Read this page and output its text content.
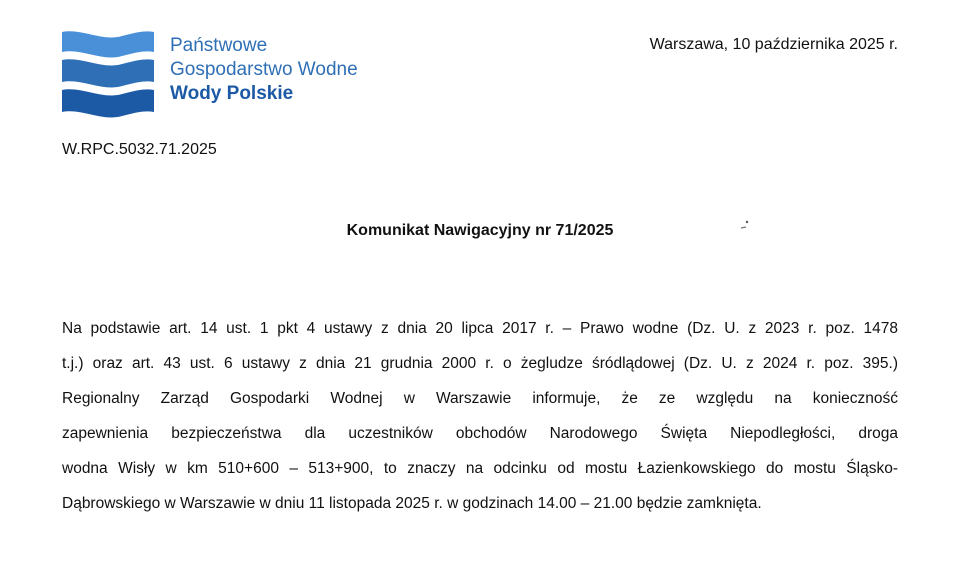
Państwowe
Gospodarstwo Wodne
Wody Polskie
Warszawa, 10 października 2025 r.
W.RPC.5032.71.2025
Komunikat Nawigacyjny nr 71/2025
Na podstawie art. 14 ust. 1 pkt 4 ustawy z dnia 20 lipca 2017 r. – Prawo wodne (Dz. U. z 2023 r. poz. 1478
t.j.) oraz art. 43 ust. 6 ustawy z dnia 21 grudnia 2000 r. o żegludze śródlądowej (Dz. U. z 2024 r. poz. 395.)
Regionalny Zarząd Gospodarki Wodnej w Warszawie informuje, że ze względu na konieczność
zapewnienia bezpieczeństwa dla uczestników obchodów Narodowego Święta Niepodległości, droga
wodna Wisły w km 510+600 – 513+900, to znaczy na odcinku od mostu Łazienkowskiego do mostu Śląsko-
Dąbrowskiego w Warszawie w dniu 11 listopada 2025 r. w godzinach 14.00 – 21.00 będzie zamknięta.
